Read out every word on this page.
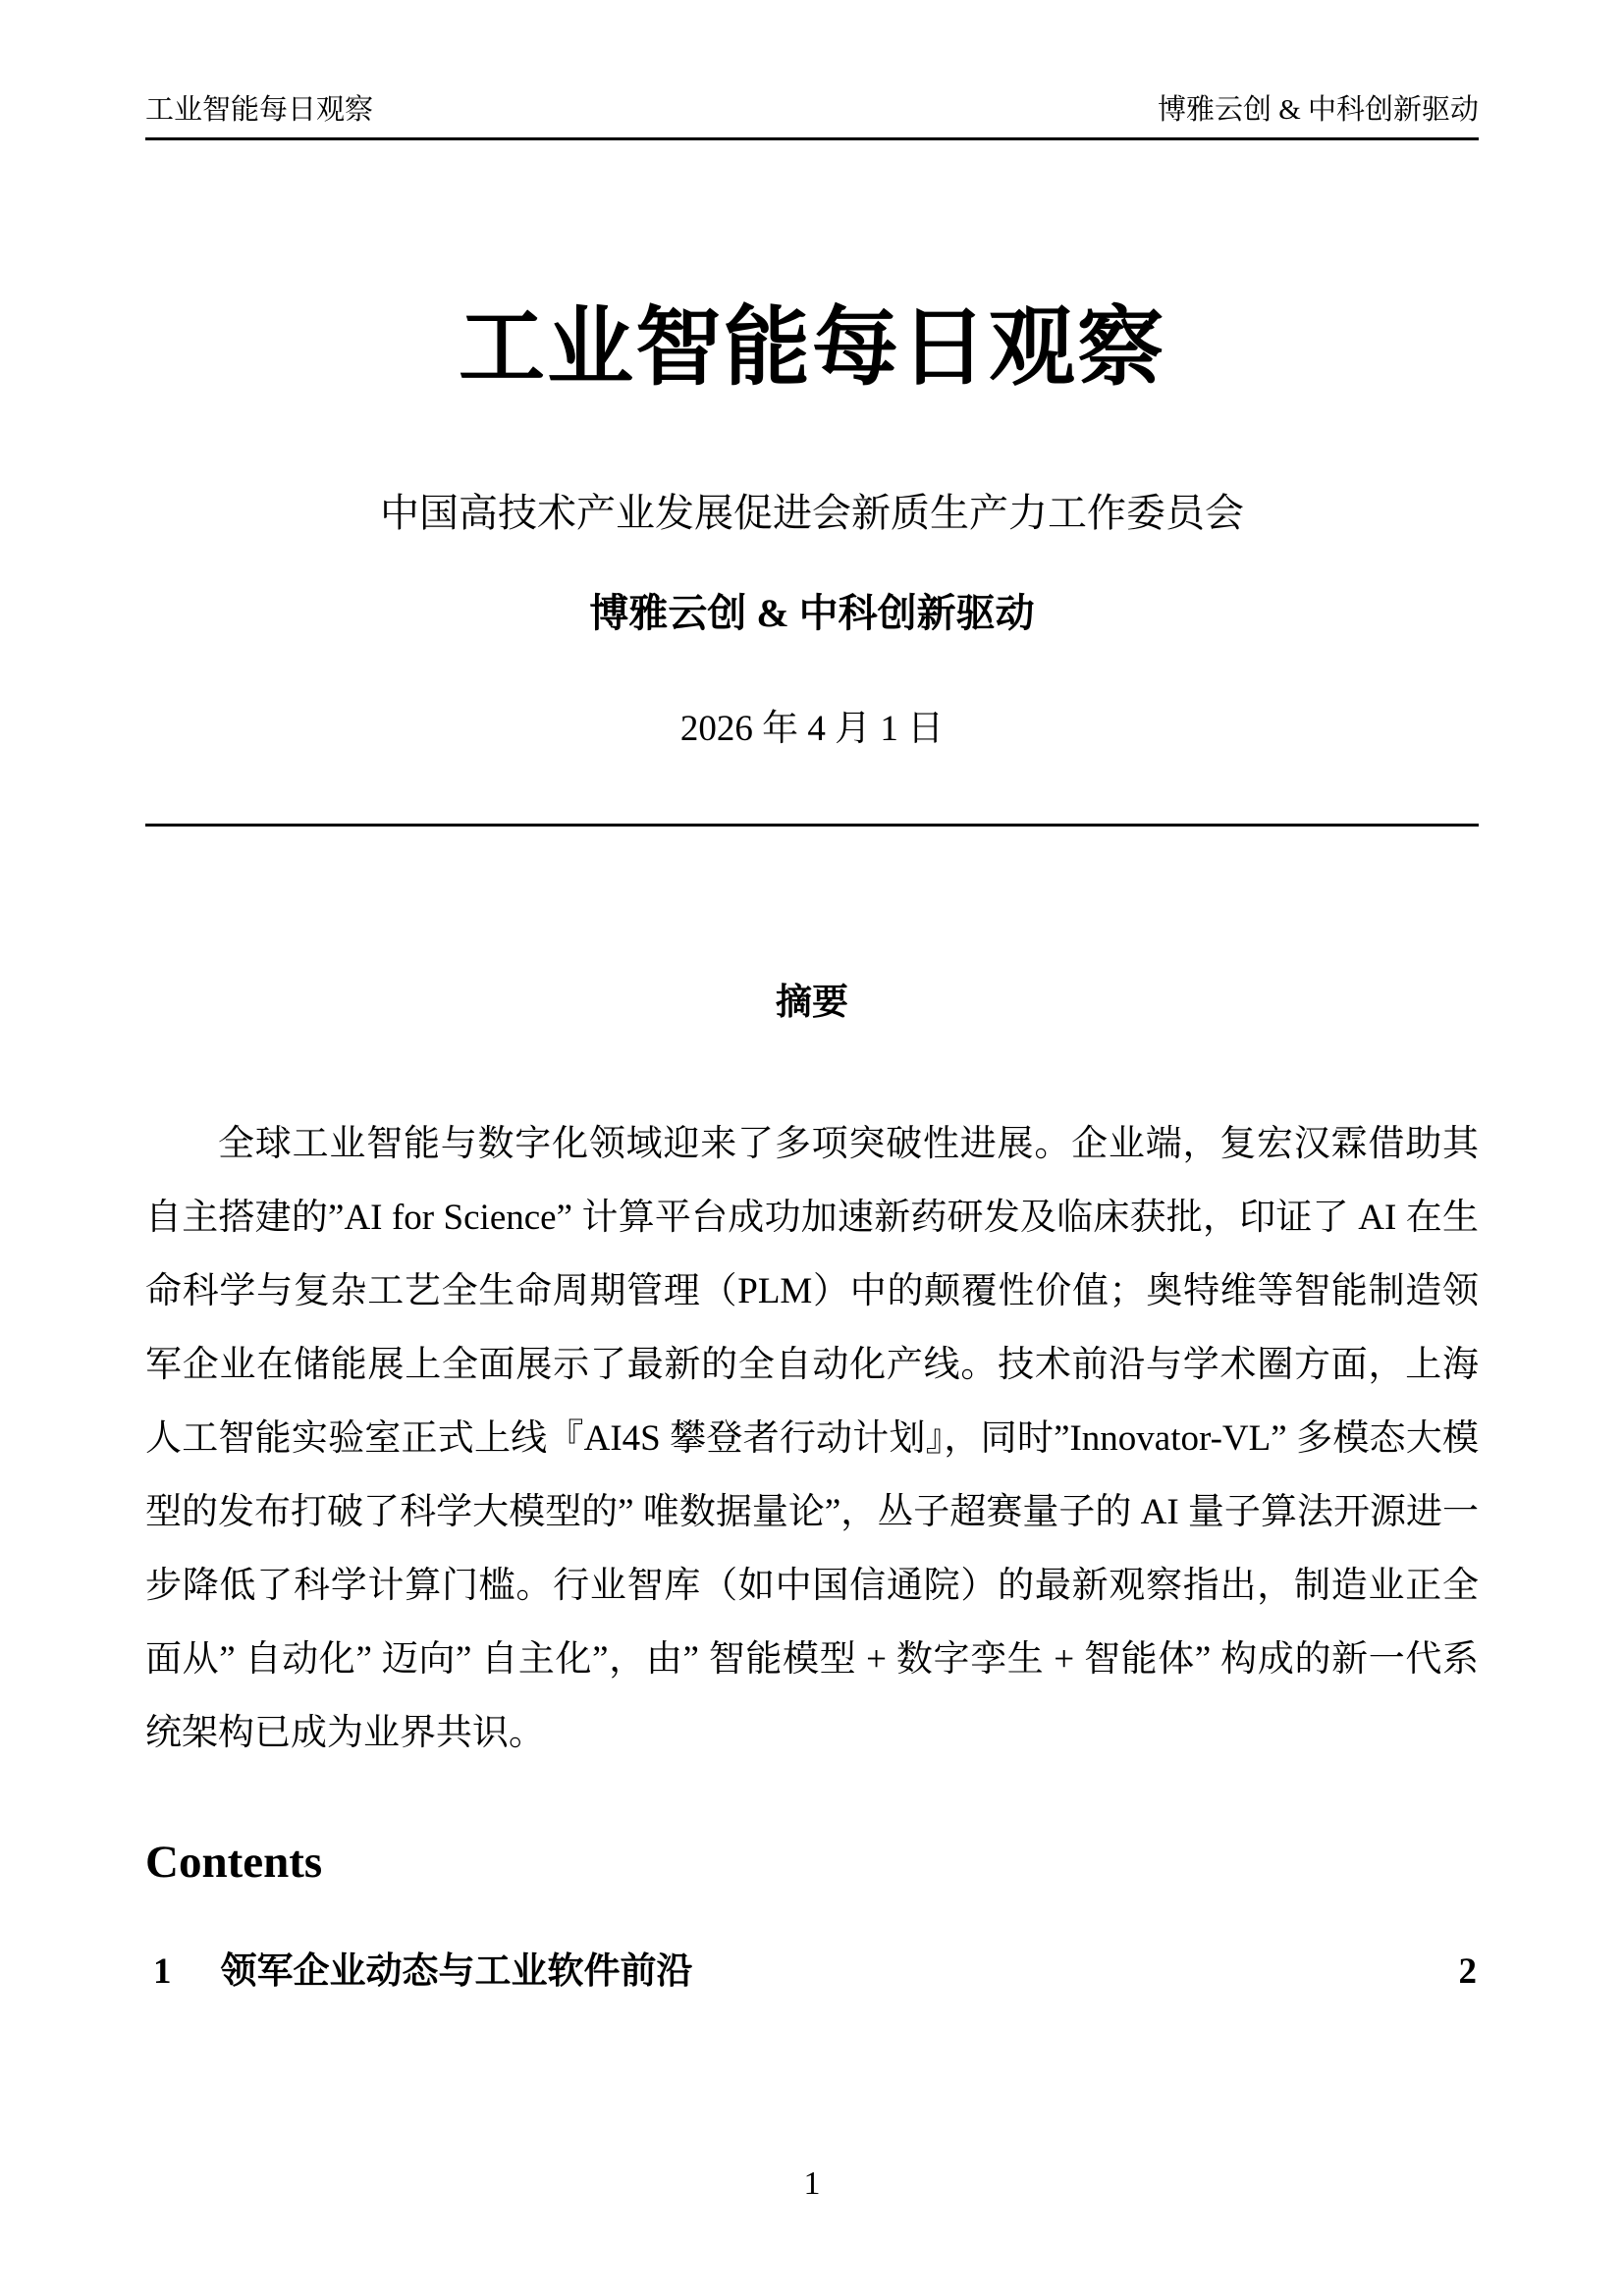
工业智能每日观察	博雅云创 & 中科创新驱动
工业智能每日观察
中国高技术产业发展促进会新质生产力工作委员会
博雅云创 & 中科创新驱动
2026 年 4 月 1 日
摘要

全球工业智能与数字化领域迎来了多项突破性进展。企业端，复宏汉霖借助其自主搭建的”AI for Science” 计算平台成功加速新药研发及临床获批，印证了 AI 在生命科学与复杂工艺全生命周期管理（PLM）中的颠覆性价值；奥特维等智能制造领军企业在储能展上全面展示了最新的全自动化产线。技术前沿与学术圈方面，上海人工智能实验室正式上线『AI4S 攀登者行动计划』，同时”Innovator-VL” 多模态大模型的发布打破了科学大模型的” 唯数据量论”，丛子超赛量子的 AI 量子算法开源进一步降低了科学计算门槛。行业智库（如中国信通院）的最新观察指出，制造业正全面从” 自动化” 迈向” 自主化”，由” 智能模型 + 数字孪生 + 智能体” 构成的新一代系统架构已成为业界共识。

Contents
1 领军企业动态与工业软件前沿	2
1
